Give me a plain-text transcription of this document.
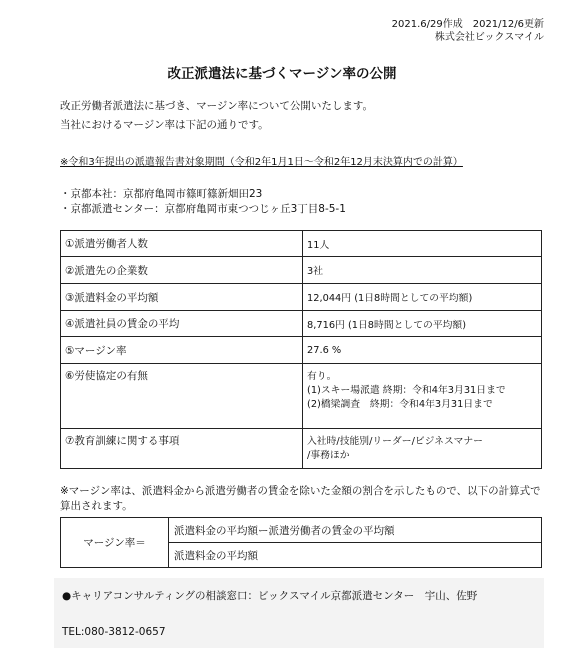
2021.6/29作成　2021/12/6更新
株式会社ビックスマイル
改正派遣法に基づくマージン率の公開
改正労働者派遣法に基づき、マージン率について公開いたします。
当社におけるマージン率は下記の通りです。
※令和3年提出の派遣報告書対象期間（令和2年1月1日～令和2年12月末決算内での計算）
・京都本社：京都府亀岡市篠町篠新畑田23
・京都派遣センター：京都府亀岡市東つつじヶ丘3丁目8-5-1
①派遣労働者人数	11人
②派遣先の企業数	3社
③派遣料金の平均額	12,044円 (1日8時間としての平均額)
④派遣社員の賃金の平均	8,716円 (1日8時間としての平均額)
⑤マージン率	27.6 %
⑥労使協定の有無	有り。
(1)スキー場派遣 終期：令和4年3月31日まで
(2)橋梁調査　終期：令和4年3月31日まで

⑦教育訓練に関する事項	入社時/技能別/リーダー/ビジネスマナー
/事務ほか
※マージン率は、派遣料金から派遣労働者の賃金を除いた金額の割合を示したもので、以下の計算式で算出されます。
マージン率＝	派遣料金の平均額ー派遣労働者の賃金の平均額
派遣料金の平均額
●キャリアコンサルティングの相談窓口：ビックスマイル京都派遣センター　宇山、佐野
TEL:080-3812-0657
